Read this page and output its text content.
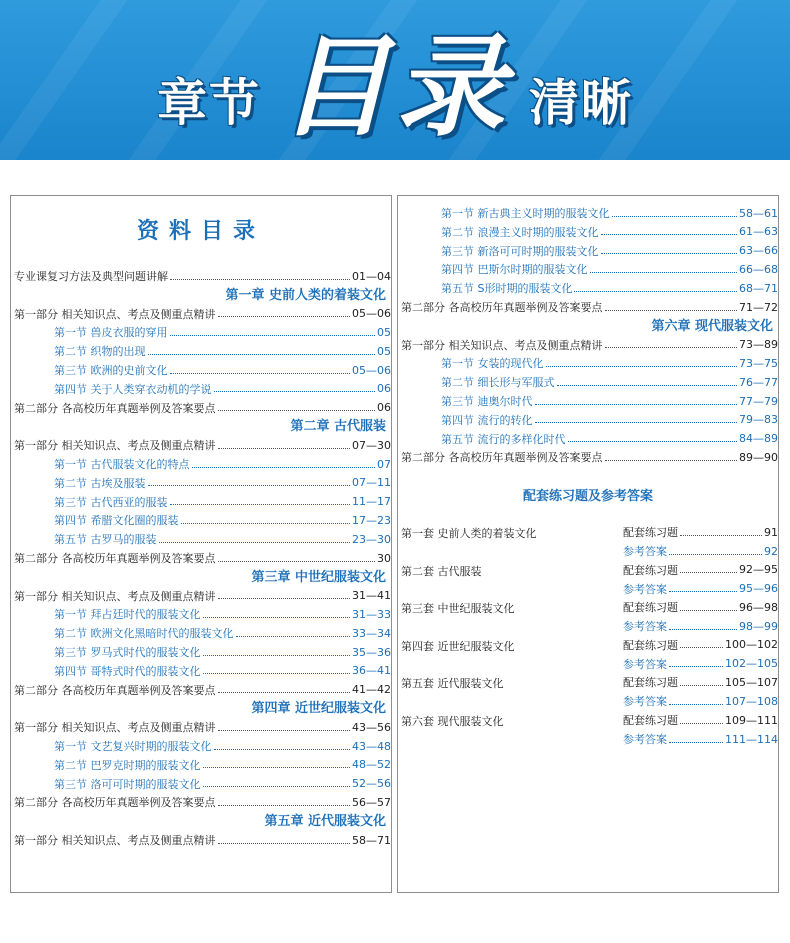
章节 目录 清晰
资料目录
专业课复习方法及典型问题讲解	01—04
第一章 史前人类的着装文化
第一部分 相关知识点、考点及侧重点精讲	05—06
第一节 兽皮衣服的穿用	05
第二节 织物的出现	05
第三节 欧洲的史前文化	05—06
第四节 关于人类穿衣动机的学说	06
第二部分 各高校历年真题举例及答案要点	06
第二章 古代服装
第一部分 相关知识点、考点及侧重点精讲	07—30
第一节 古代服装文化的特点	07
第二节 古埃及服装	07—11
第三节 古代西亚的服装	11—17
第四节 希腊文化圈的服装	17—23
第五节 古罗马的服装	23—30
第二部分 各高校历年真题举例及答案要点	30
第三章 中世纪服装文化
第一部分 相关知识点、考点及侧重点精讲	31—41
第一节 拜占廷时代的服装文化	31—33
第二节 欧洲文化黑暗时代的服装文化	33—34
第三节 罗马式时代的服装文化	35—36
第四节 哥特式时代的服装文化	36—41
第二部分 各高校历年真题举例及答案要点	41—42
第四章 近世纪服装文化
第一部分 相关知识点、考点及侧重点精讲	43—56
第一节 文艺复兴时期的服装文化	43—48
第二节 巴罗克时期的服装文化	48—52
第三节 洛可可时期的服装文化	52—56
第二部分 各高校历年真题举例及答案要点	56—57
第五章 近代服装文化
第一部分 相关知识点、考点及侧重点精讲	58—71
第一节 新古典主义时期的服装文化	58—61
第二节 浪漫主义时期的服装文化	61—63
第三节 新洛可可时期的服装文化	63—66
第四节 巴斯尔时期的服装文化	66—68
第五节 S形时期的服装文化	68—71
第二部分 各高校历年真题举例及答案要点	71—72
第六章 现代服装文化
第一部分 相关知识点、考点及侧重点精讲	73—89
第一节 女装的现代化	73—75
第二节 细长形与军服式	76—77
第三节 迪奥尔时代	77—79
第四节 流行的转化	79—83
第五节 流行的多样化时代	84—89
第二部分 各高校历年真题举例及答案要点	89—90
配套练习题及参考答案
第一套 史前人类的着装文化	配套练习题	91
参考答案	92
第二套 古代服装	配套练习题	92—95
参考答案	95—96
第三套 中世纪服装文化	配套练习题	96—98
参考答案	98—99
第四套 近世纪服装文化	配套练习题	100—102
参考答案	102—105
第五套 近代服装文化	配套练习题	105—107
参考答案	107—108
第六套 现代服装文化	配套练习题	109—111
参考答案	111—114
